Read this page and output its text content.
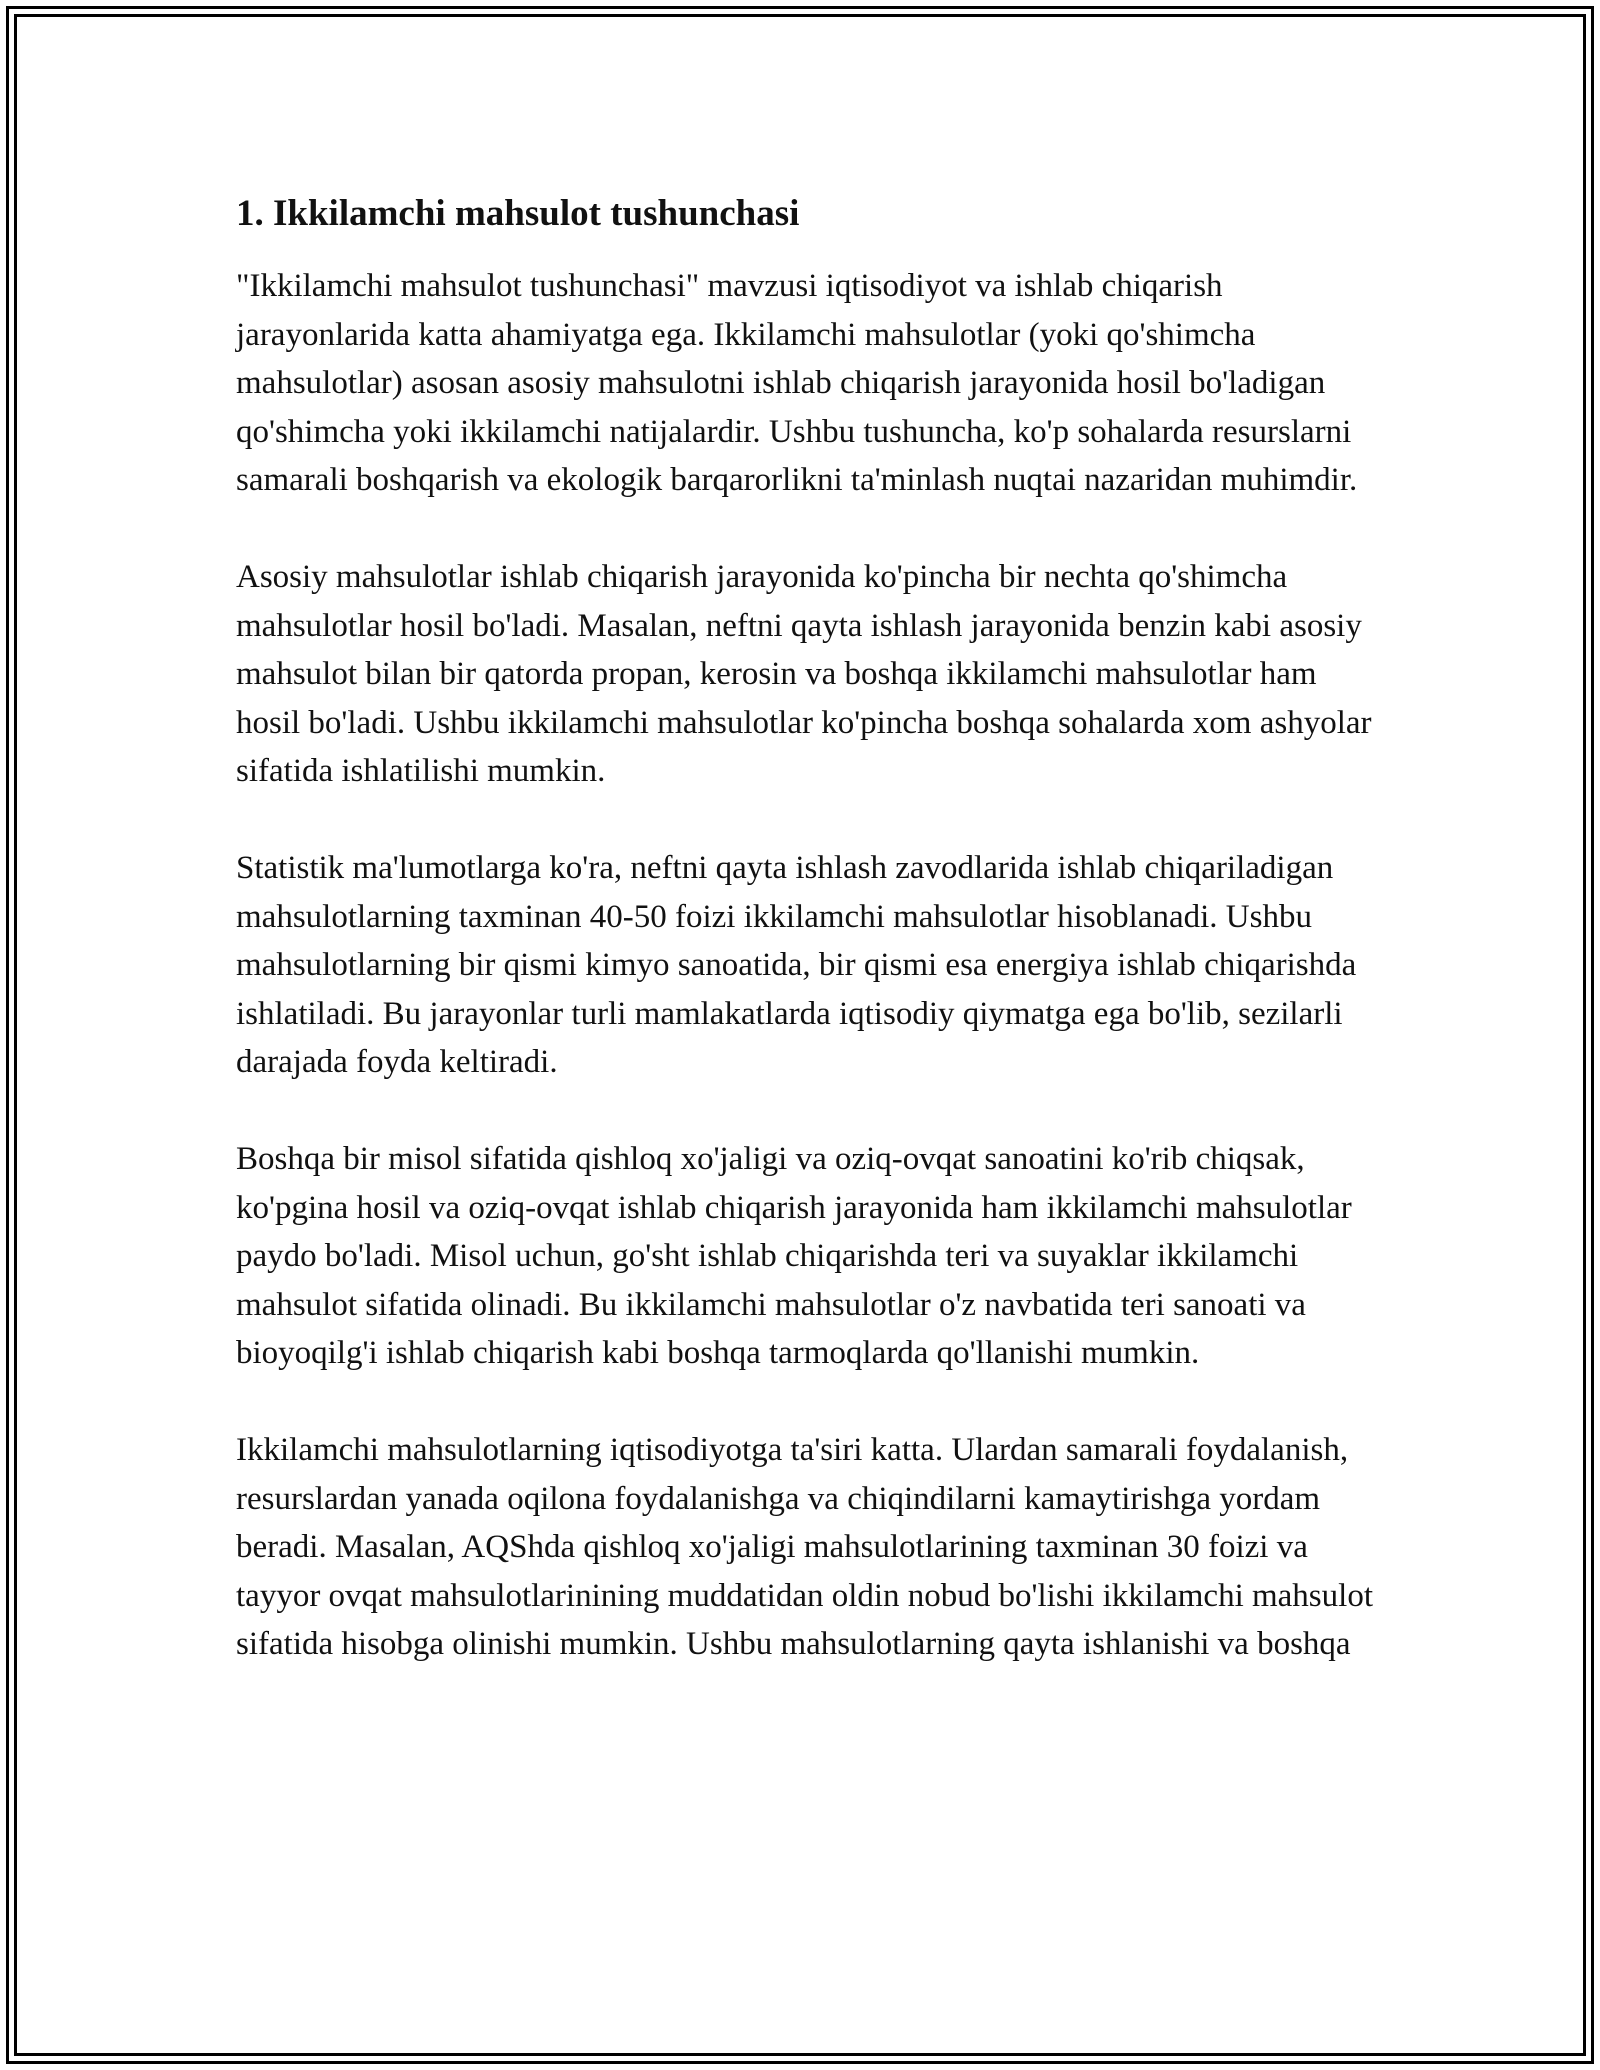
1. Ikkilamchi mahsulot tushunchasi

"Ikkilamchi mahsulot tushunchasi" mavzusi iqtisodiyot va ishlab chiqarish jarayonlarida katta ahamiyatga ega. Ikkilamchi mahsulotlar (yoki qo'shimcha mahsulotlar) asosan asosiy mahsulotni ishlab chiqarish jarayonida hosil bo'ladigan qo'shimcha yoki ikkilamchi natijalardir. Ushbu tushuncha, ko'p sohalarda resurslarni samarali boshqarish va ekologik barqarorlikni ta'minlash nuqtai nazaridan muhimdir.

Asosiy mahsulotlar ishlab chiqarish jarayonida ko'pincha bir nechta qo'shimcha mahsulotlar hosil bo'ladi. Masalan, neftni qayta ishlash jarayonida benzin kabi asosiy mahsulot bilan bir qatorda propan, kerosin va boshqa ikkilamchi mahsulotlar ham hosil bo'ladi. Ushbu ikkilamchi mahsulotlar ko'pincha boshqa sohalarda xom ashyolar sifatida ishlatilishi mumkin.

Statistik ma'lumotlarga ko'ra, neftni qayta ishlash zavodlarida ishlab chiqariladigan mahsulotlarning taxminan 40-50 foizi ikkilamchi mahsulotlar hisoblanadi. Ushbu mahsulotlarning bir qismi kimyo sanoatida, bir qismi esa energiya ishlab chiqarishda ishlatiladi. Bu jarayonlar turli mamlakatlarda iqtisodiy qiymatga ega bo'lib, sezilarli darajada foyda keltiradi.

Boshqa bir misol sifatida qishloq xo'jaligi va oziq-ovqat sanoatini ko'rib chiqsak, ko'pgina hosil va oziq-ovqat ishlab chiqarish jarayonida ham ikkilamchi mahsulotlar paydo bo'ladi. Misol uchun, go'sht ishlab chiqarishda teri va suyaklar ikkilamchi mahsulot sifatida olinadi. Bu ikkilamchi mahsulotlar o'z navbatida teri sanoati va bioyoqilg'i ishlab chiqarish kabi boshqa tarmoqlarda qo'llanishi mumkin.

Ikkilamchi mahsulotlarning iqtisodiyotga ta'siri katta. Ulardan samarali foydalanish, resurslardan yanada oqilona foydalanishga va chiqindilarni kamaytirishga yordam beradi. Masalan, AQShda qishloq xo'jaligi mahsulotlarining taxminan 30 foizi va tayyor ovqat mahsulotlarinining muddatidan oldin nobud bo'lishi ikkilamchi mahsulot sifatida hisobga olinishi mumkin. Ushbu mahsulotlarning qayta ishlanishi va boshqa
